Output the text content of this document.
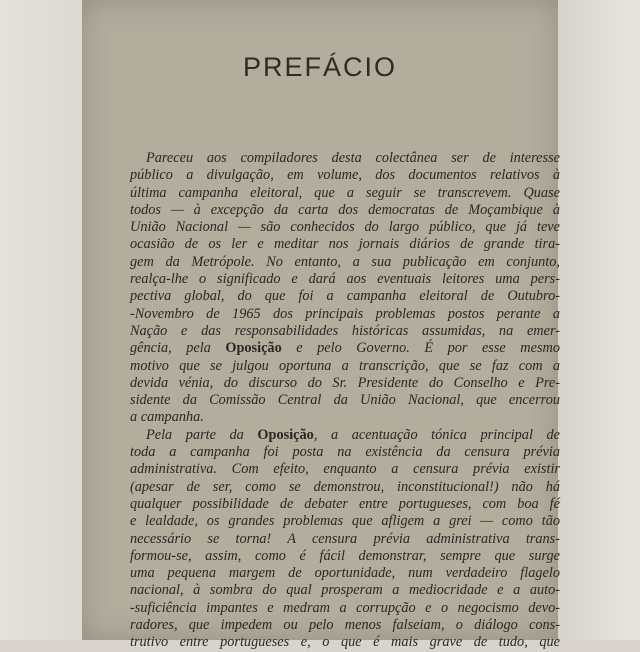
PREFÁCIO
Pareceu aos compiladores desta colectânea ser de interesse
público a divulgação, em volume, dos documentos relativos à
última campanha eleitoral, que a seguir se transcrevem. Quase
todos — à excepção da carta dos democratas de Moçambique à
União Nacional — são conhecidos do largo público, que já teve
ocasião de os ler e meditar nos jornais diários de grande tira-
gem da Metrópole. No entanto, a sua publicação em conjunto,
realça-lhe o significado e dará aos eventuais leitores uma pers-
pectiva global, do que foi a campanha eleitoral de Outubro-
-Novembro de 1965 dos principais problemas postos perante a
Nação e das responsabilidades históricas assumidas, na emer-
gência, pela Oposição e pelo Governo. É por esse mesmo
motivo que se julgou oportuna a transcrição, que se faz com a
devida vénia, do discurso do Sr. Presidente do Conselho e Pre-
sidente da Comissão Central da União Nacional, que encerrou
a campanha.
Pela parte da Oposição, a acentuação tónica principal de
toda a campanha foi posta na existência da censura prévia
administrativa. Com efeito, enquanto a censura prévia existir
(apesar de ser, como se demonstrou, inconstitucional!) não há
qualquer possibilidade de debater entre portugueses, com boa fé
e lealdade, os grandes problemas que afligem a grei — como tão
necessário se torna! A censura prévia administrativa trans-
formou-se, assim, como é fácil demonstrar, sempre que surge
uma pequena margem de oportunidade, num verdadeiro flagelo
nacional, à sombra do qual prosperam a mediocridade e a auto-
-suficiência impantes e medram a corrupção e o negocismo devo-
radores, que impedem ou pelo menos falseiam, o diálogo cons-
trutivo entre portugueses e, o que é mais grave de tudo, que
